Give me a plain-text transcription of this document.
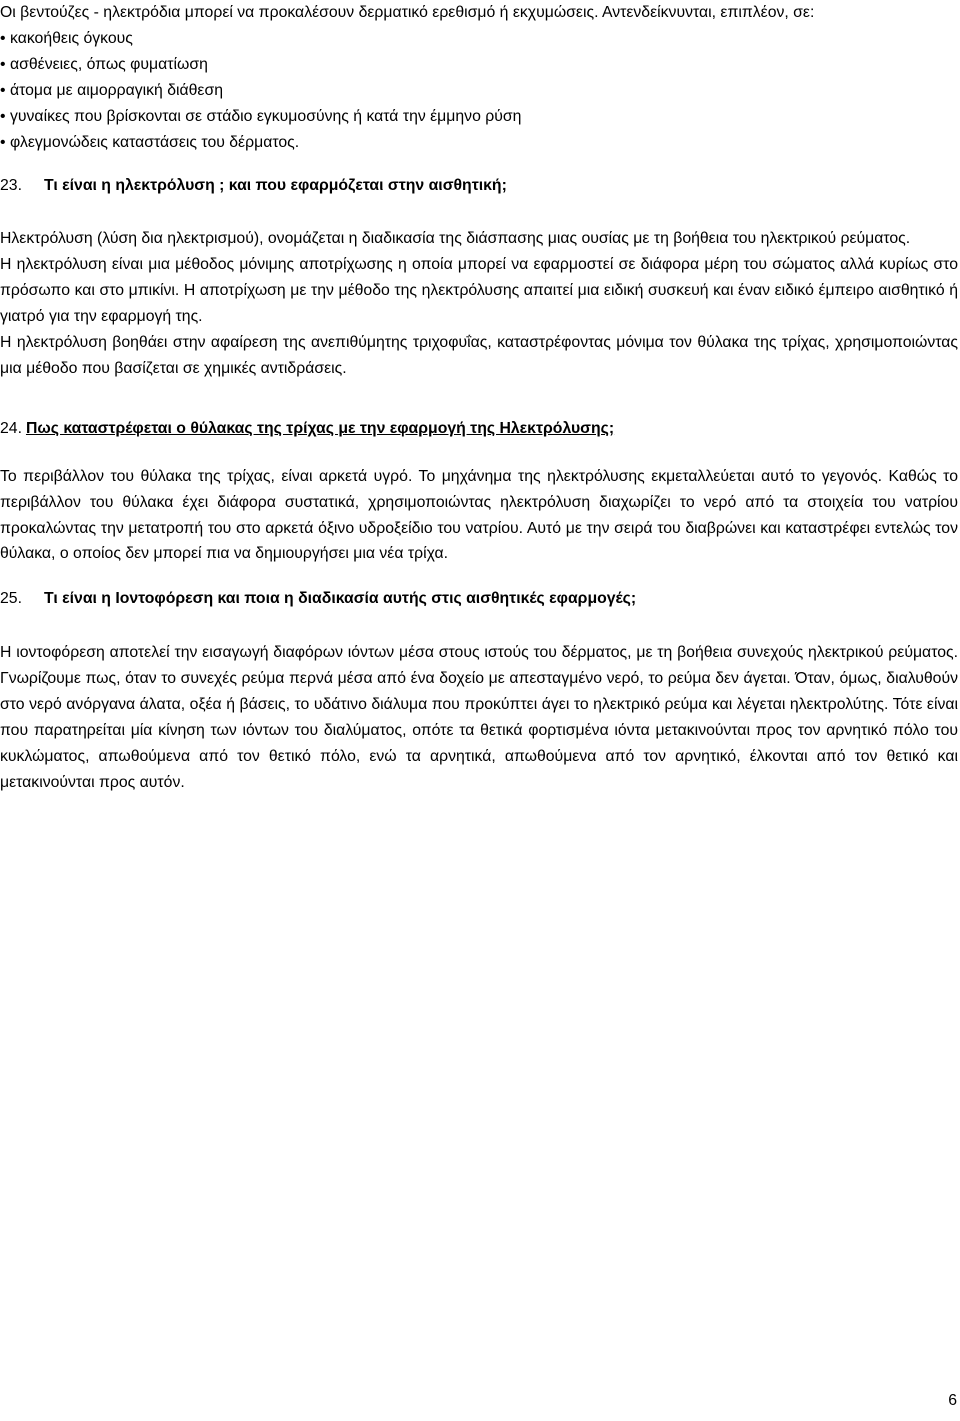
Οι βεντούζες - ηλεκτρόδια μπορεί να προκαλέσουν δερματικό ερεθισμό ή εκχυμώσεις. Αντενδείκνυνται, επιπλέον, σε:

• κακοήθεις όγκους
• ασθένειες, όπως φυματίωση
• άτομα με αιμορραγική διάθεση
• γυναίκες που βρίσκονται σε στάδιο εγκυμοσύνης ή κατά την έμμηνο ρύση
• φλεγμονώδεις καταστάσεις του δέρματος.
23. Τι είναι η ηλεκτρόλυση ; και που εφαρμόζεται στην αισθητική;

Ηλεκτρόλυση (λύση δια ηλεκτρισμού), ονομάζεται η διαδικασία της διάσπασης μιας ουσίας με τη βοήθεια του ηλεκτρικού ρεύματος.

Η ηλεκτρόλυση είναι μια μέθοδος μόνιμης αποτρίχωσης η οποία μπορεί να εφαρμοστεί σε διάφορα μέρη του σώματος αλλά κυρίως στο πρόσωπο και στο μπικίνι. Η αποτρίχωση με την μέθοδο της ηλεκτρόλυσης απαιτεί μια ειδική συσκευή και έναν ειδικό έμπειρο αισθητικό ή γιατρό για την εφαρμογή της.

Η ηλεκτρόλυση βοηθάει στην αφαίρεση της ανεπιθύμητης τριχοφυΐας, καταστρέφοντας μόνιμα τον θύλακα της τρίχας, χρησιμοποιώντας μια μέθοδο που βασίζεται σε χημικές αντιδράσεις.

24. Πως καταστρέφεται ο θύλακας της τρίχας με την εφαρμογή της Ηλεκτρόλυσης;

Το περιβάλλον του θύλακα της τρίχας, είναι αρκετά υγρό. Το μηχάνημα της ηλεκτρόλυσης εκμεταλλεύεται αυτό το γεγονός. Καθώς το περιβάλλον του θύλακα έχει διάφορα συστατικά, χρησιμοποιώντας ηλεκτρόλυση διαχωρίζει το νερό από τα στοιχεία του νατρίου προκαλώντας την μετατροπή του στο αρκετά όξινο υδροξείδιο του νατρίου. Αυτό με την σειρά του διαβρώνει και καταστρέφει εντελώς τον θύλακα, ο οποίος δεν μπορεί πια να δημιουργήσει μια νέα τρίχα.

25. Τι είναι η Ιοντοφόρεση και ποια η διαδικασία αυτής στις αισθητικές εφαρμογές;

Η ιοντοφόρεση αποτελεί την εισαγωγή διαφόρων ιόντων μέσα στους ιστούς του δέρματος, με τη βοήθεια συνεχούς ηλεκτρικού ρεύματος. Γνωρίζουμε πως, όταν το συνεχές ρεύμα περνά μέσα από ένα δοχείο με απεσταγμένο νερό, το ρεύμα δεν άγεται. Όταν, όμως, διαλυθούν στο νερό ανόργανα άλατα, οξέα ή βάσεις, το υδάτινο διάλυμα που προκύπτει άγει το ηλεκτρικό ρεύμα και λέγεται ηλεκτρολύτης. Τότε είναι που παρατηρείται μία κίνηση των ιόντων του διαλύματος, οπότε τα θετικά φορτισμένα ιόντα μετακινούνται προς τον αρνητικό πόλο του κυκλώματος, απωθούμενα από τον θετικό πόλο, ενώ τα αρνητικά, απωθούμενα από τον αρνητικό, έλκονται από τον θετικό και μετακινούνται προς αυτόν.

6
